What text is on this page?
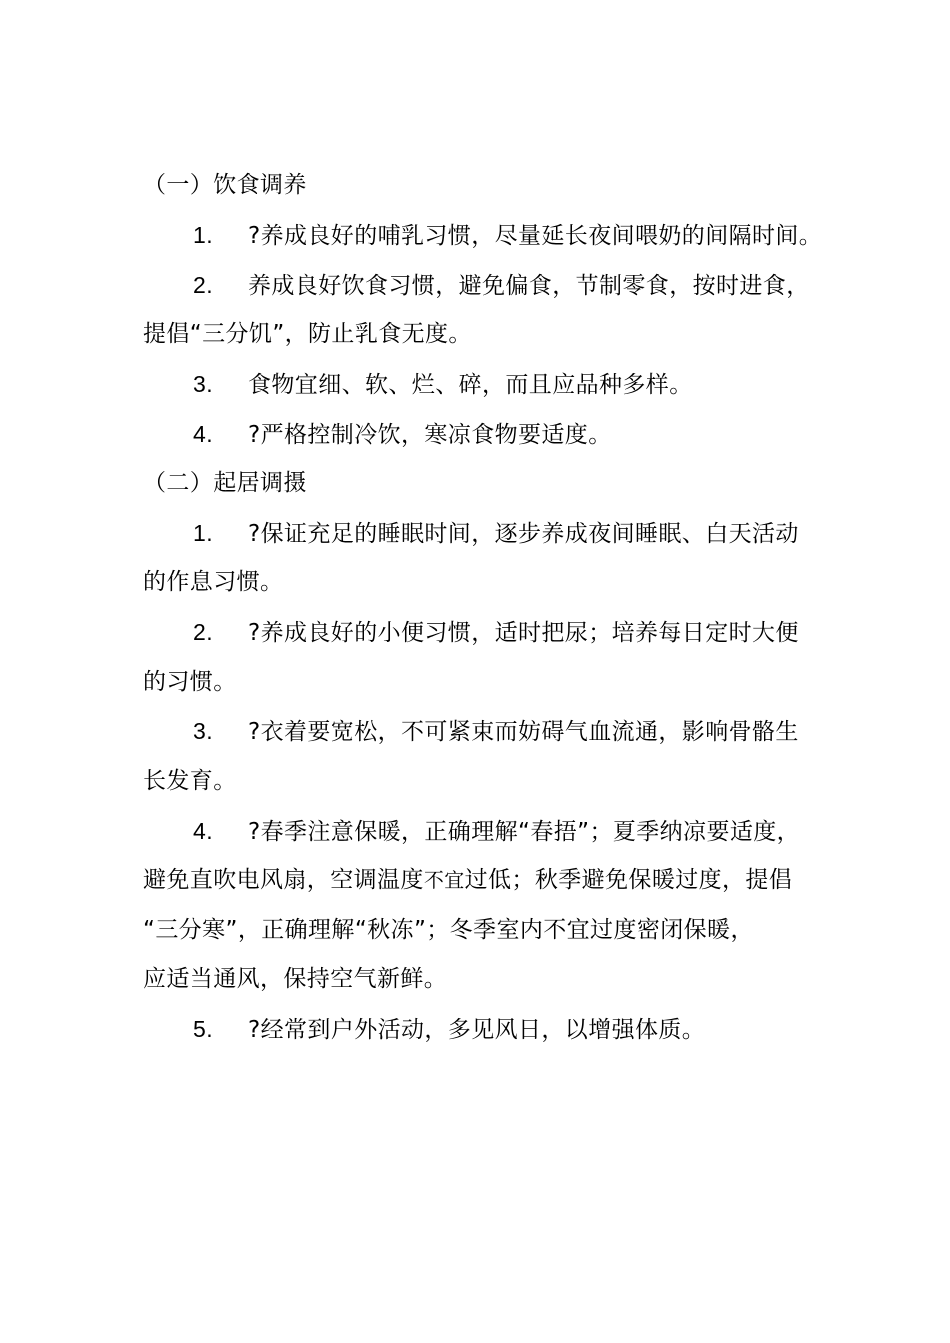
（一）饮食调养
1. ?养成良好的哺乳习惯，尽量延长夜间喂奶的间隔时间。
2. 养成良好饮食习惯，避免偏食，节制零食，按时进食，
提倡“三分饥”，防止乳食无度。
3. 食物宜细、软、烂、碎，而且应品种多样。
4. ?严格控制冷饮，寒凉食物要适度。
（二）起居调摄
1. ?保证充足的睡眠时间，逐步养成夜间睡眠、白天活动
的作息习惯。
2. ?养成良好的小便习惯，适时把尿；培养每日定时大便
的习惯。
3. ?衣着要宽松，不可紧束而妨碍气血流通，影响骨骼生
长发育。
4. ?春季注意保暖，正确理解“春捂”；夏季纳凉要适度，
避免直吹电风扇，空调温度不宜过低；秋季避免保暖过度，提倡
“三分寒”，正确理解“秋冻”；冬季室内不宜过度密闭保暖，
应适当通风，保持空气新鲜。
5. ?经常到户外活动，多见风日，以增强体质。
